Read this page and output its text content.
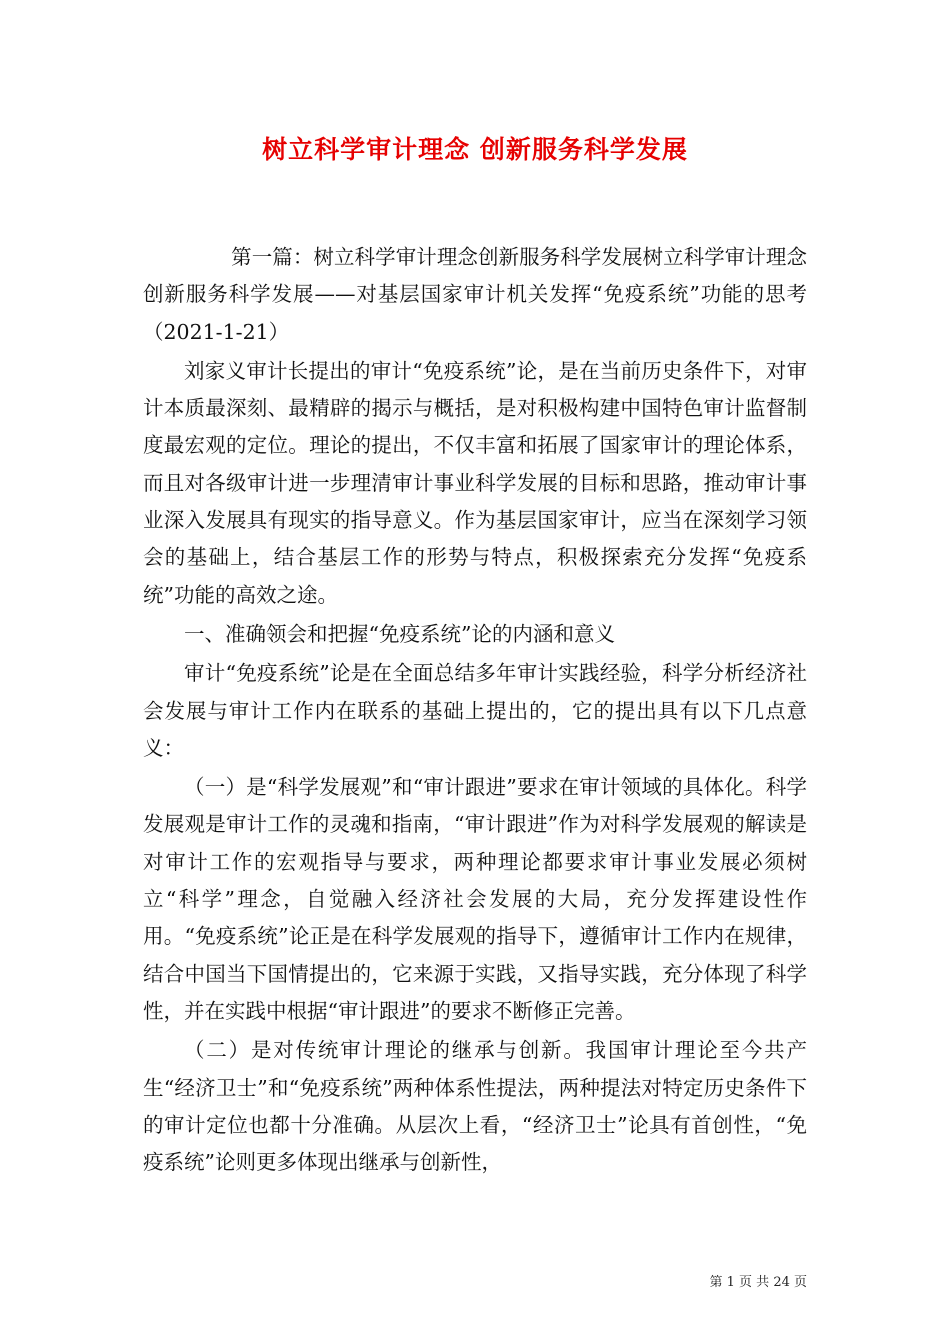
树立科学审计理念 创新服务科学发展

第一篇：树立科学审计理念创新服务科学发展树立科学审计理念创新服务科学发展——对基层国家审计机关发挥“免疫系统”功能的思考（2021-1-21）

刘家义审计长提出的审计“免疫系统”论，是在当前历史条件下，对审计本质最深刻、最精辟的揭示与概括，是对积极构建中国特色审计监督制度最宏观的定位。理论的提出，不仅丰富和拓展了国家审计的理论体系，而且对各级审计进一步理清审计事业科学发展的目标和思路，推动审计事业深入发展具有现实的指导意义。作为基层国家审计，应当在深刻学习领会的基础上，结合基层工作的形势与特点，积极探索充分发挥“免疫系统”功能的高效之途。

一、准确领会和把握“免疫系统”论的内涵和意义

审计“免疫系统”论是在全面总结多年审计实践经验，科学分析经济社会发展与审计工作内在联系的基础上提出的，它的提出具有以下几点意义：

（一）是“科学发展观”和“审计跟进”要求在审计领域的具体化。科学发展观是审计工作的灵魂和指南，“审计跟进”作为对科学发展观的解读是对审计工作的宏观指导与要求，两种理论都要求审计事业发展必须树立“科学”理念，自觉融入经济社会发展的大局，充分发挥建设性作用。“免疫系统”论正是在科学发展观的指导下，遵循审计工作内在规律，结合中国当下国情提出的，它来源于实践，又指导实践，充分体现了科学性，并在实践中根据“审计跟进”的要求不断修正完善。

（二）是对传统审计理论的继承与创新。我国审计理论至今共产生“经济卫士”和“免疫系统”两种体系性提法，两种提法对特定历史条件下的审计定位也都十分准确。从层次上看，“经济卫士”论具有首创性，“免疫系统”论则更多体现出继承与创新性，

第 1 页 共 24 页
